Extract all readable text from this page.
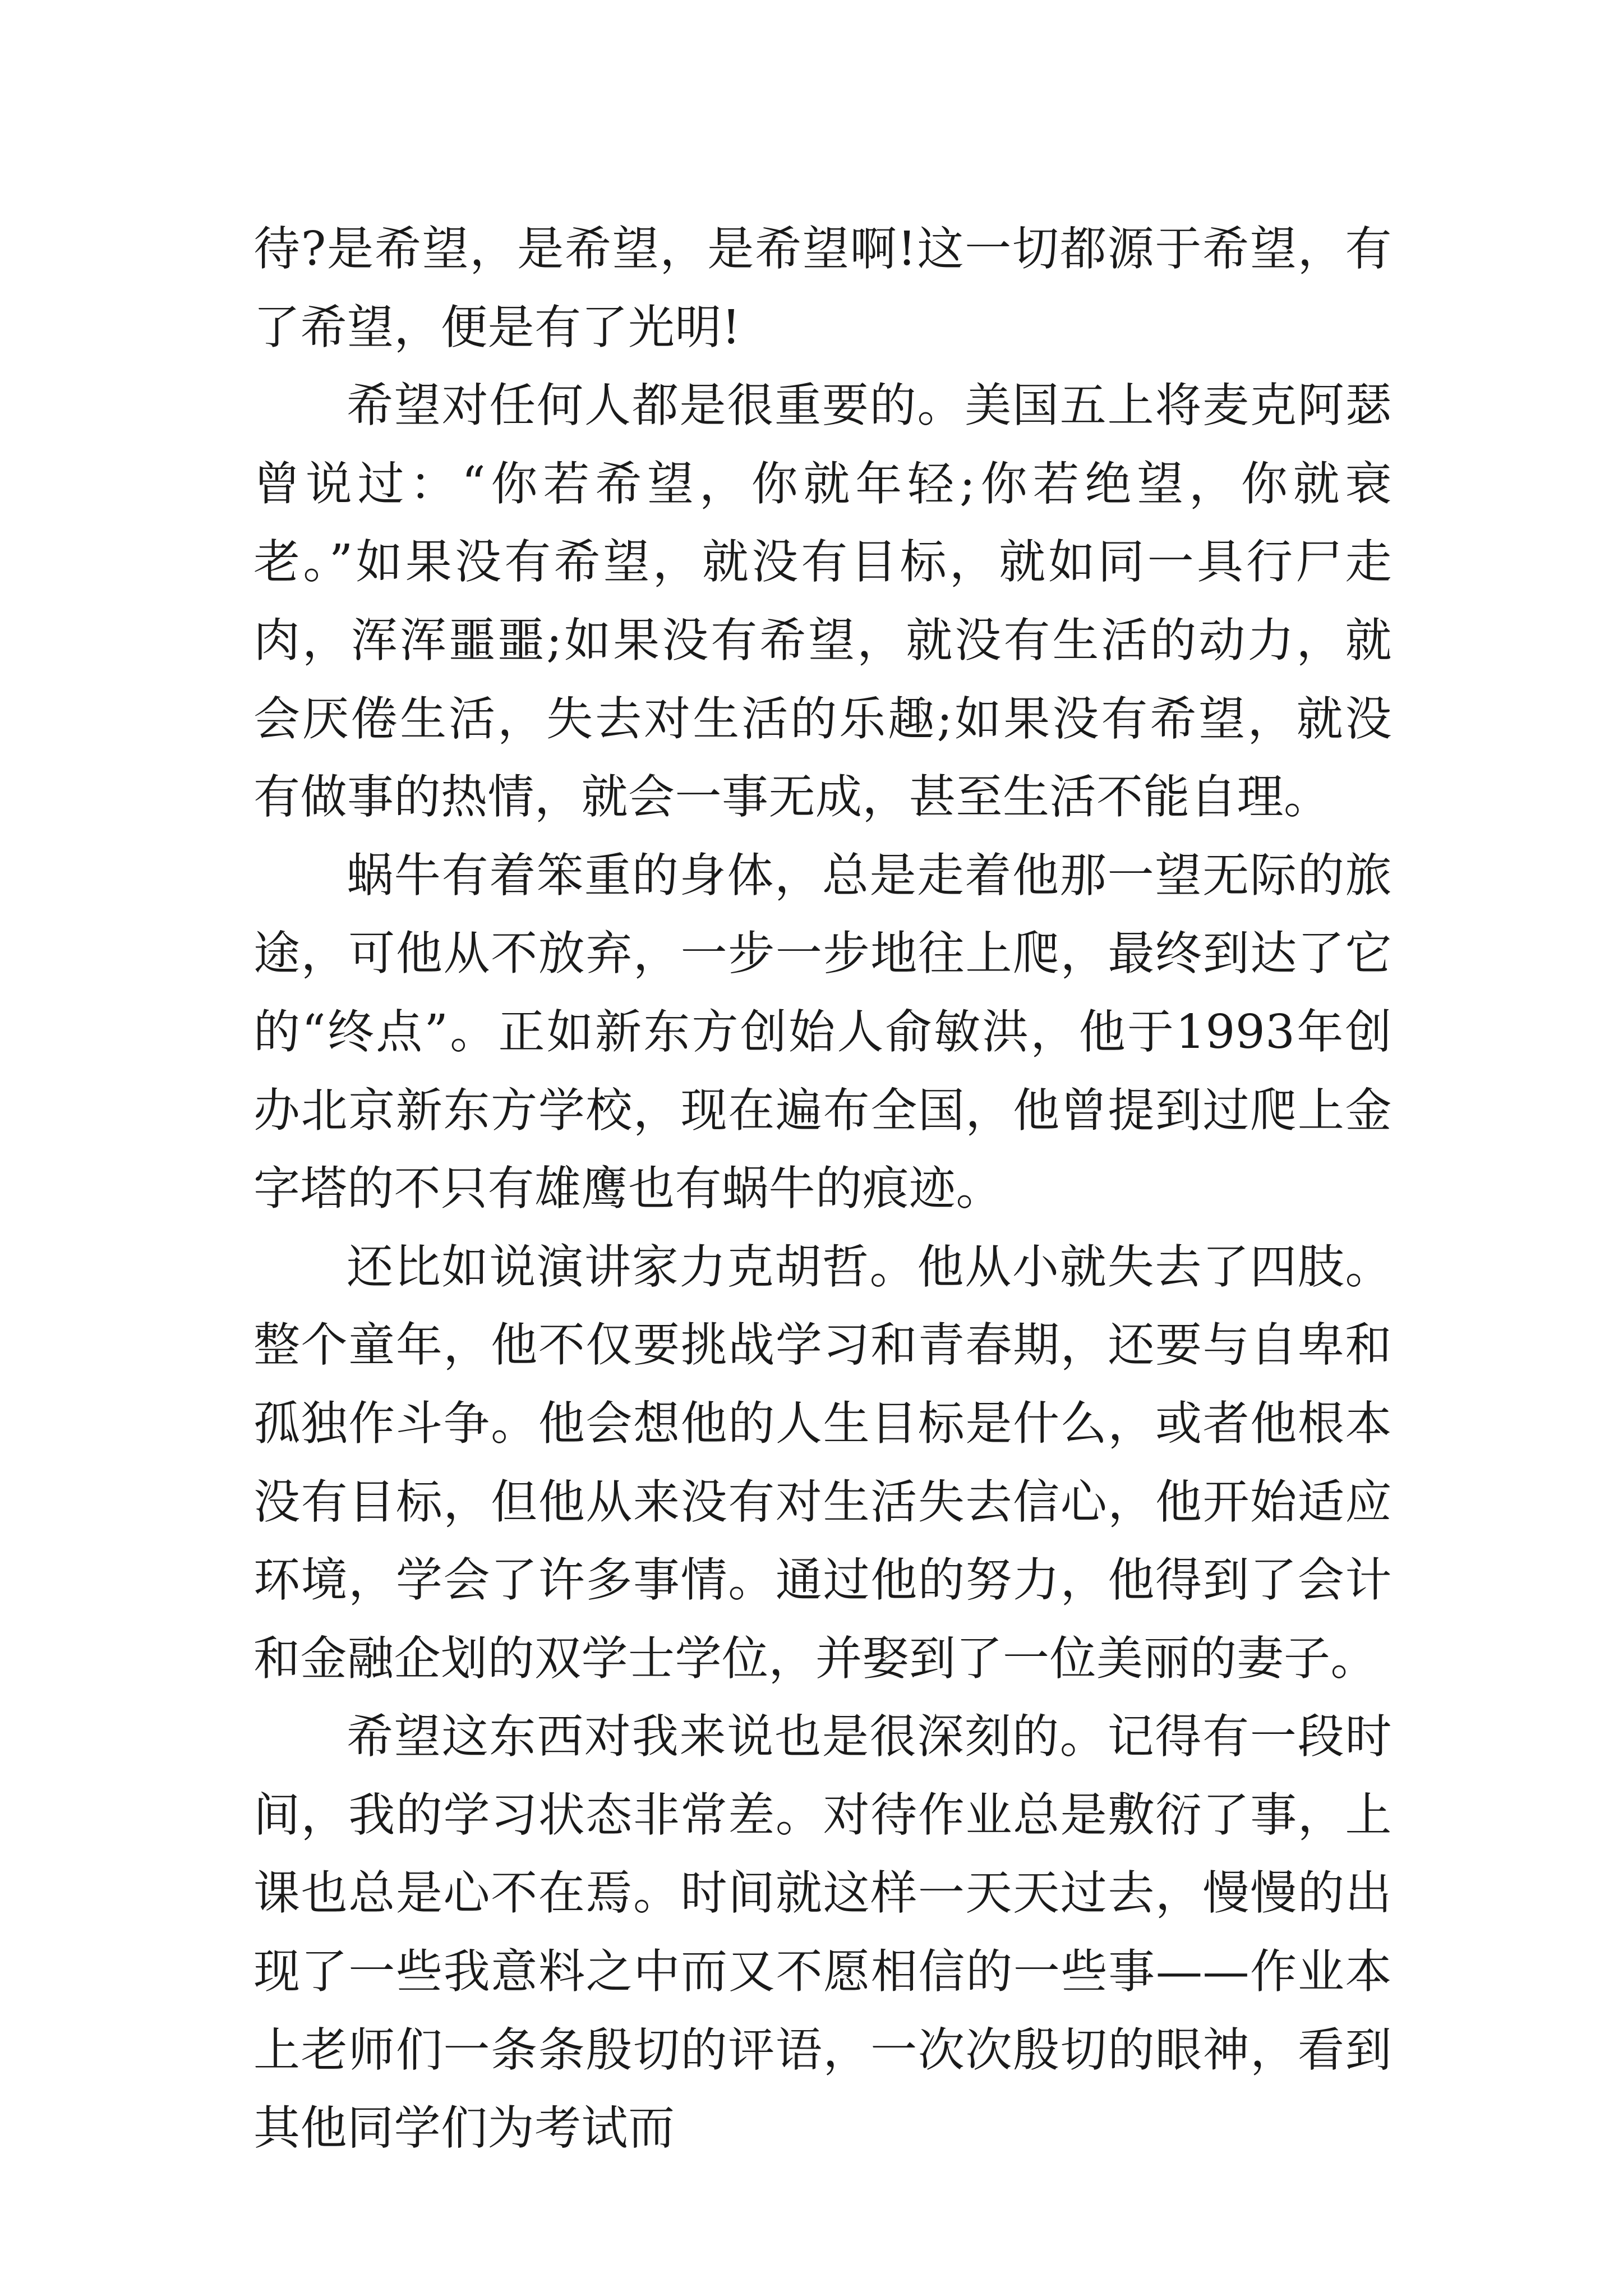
待?是希望，是希望，是希望啊!这一切都源于希望，有了希望，便是有了光明!

希望对任何人都是很重要的。美国五上将麦克阿瑟曾说过：“你若希望，你就年轻;你若绝望，你就衰老。”如果没有希望，就没有目标，就如同一具行尸走肉，浑浑噩噩;如果没有希望，就没有生活的动力，就会厌倦生活，失去对生活的乐趣;如果没有希望，就没有做事的热情，就会一事无成，甚至生活不能自理。

蜗牛有着笨重的身体，总是走着他那一望无际的旅途，可他从不放弃，一步一步地往上爬，最终到达了它的“终点”。正如新东方创始人俞敏洪，他于1993年创办北京新东方学校，现在遍布全国，他曾提到过爬上金字塔的不只有雄鹰也有蜗牛的痕迹。

还比如说演讲家力克胡哲。他从小就失去了四肢。整个童年，他不仅要挑战学习和青春期，还要与自卑和孤独作斗争。他会想他的人生目标是什么，或者他根本没有目标，但他从来没有对生活失去信心，他开始适应环境，学会了许多事情。通过他的努力，他得到了会计和金融企划的双学士学位，并娶到了一位美丽的妻子。

希望这东西对我来说也是很深刻的。记得有一段时间，我的学习状态非常差。对待作业总是敷衍了事，上课也总是心不在焉。时间就这样一天天过去，慢慢的出现了一些我意料之中而又不愿相信的一些事——作业本上老师们一条条殷切的评语，一次次殷切的眼神，看到其他同学们为考试而
